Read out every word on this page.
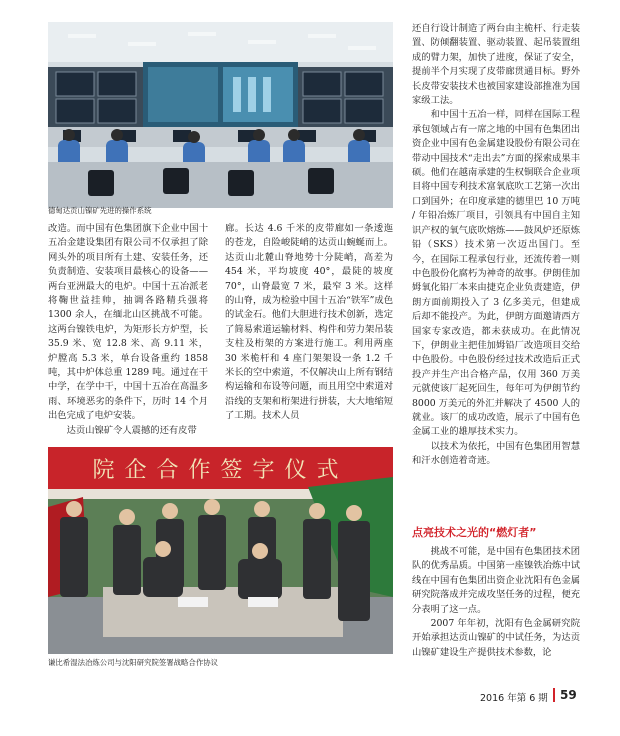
德甸达贡山镍矿先进的操作系统

改造。而中国有色集团旗下企业中国十五冶金建设集团有限公司不仅承担了除网头外的项目所有土建、安装任务，还负责制造、安装项目最核心的设备——两台亚洲最大的电炉。中国十五冶派老将鞠世益挂帅，抽调各路精兵强将 1300 余人，在缅北山区挑战不可能。这两台镍铁电炉，为矩形长方炉型，长 35.9 米、宽 12.8 米、高 9.11 米，炉膛高 5.3 米，单台设备重约 1858 吨，其中炉体总重 1289 吨。通过在干中学，在学中干，中国十五冶在高温多雨、环境恶劣的条件下，历时 14 个月出色完成了电炉安装。

达贡山镍矿令人震撼的还有皮带

廊。长达 4.6 千米的皮带廊如一条逶迤的苍龙，自险峻陡峭的达贡山蜿蜒而上。达贡山北麓山脊地势十分陡峭，高差为 454 米，平均坡度 40°，最陡的坡度 70°，山脊最宽 7 米，最窄 3 米。这样的山脊，成为检验中国十五冶“铁军”成色的试金石。他们大胆进行技术创新，选定了简易索道运输材料、构件和劳力架吊装支柱及桁架的方案进行施工。利用两座 30 米桅杆和 4 座门架架设一条 1.2 千米长的空中索道，不仅解决山上所有钢结构运输和布设等问题，而且用空中索道对沿线的支架和桁架进行拼装，大大地缩短了工期。技术人员

院企合作签字仪式
谦比希湿法冶炼公司与沈阳研究院签署战略合作协议

还自行设计制造了两台由主桅杆、行走装置、防倾翻装置、驱动装置、起吊装置组成的臂力架，加快了进度，保证了安全，提前半个月实现了皮带廊贯通目标。野外长皮带安装技术也被国家建设部推准为国家级工法。

和中国十五冶一样，同样在国际工程承包领域占有一席之地的中国有色集团出资企业中国有色金属建设股份有限公司在带动中国技术“走出去”方面的探索成果丰硕。他们在越南承建的生权铜联合企业项目将中国专利技术富氧底吹工艺第一次出口到国外；在印度承建的德里巴 10 万吨 / 年铅冶炼厂项目，引领具有中国自主知识产权的氧气底吹熔炼——鼓风炉还原炼铅（SKS）技术第一次迈出国门。至今，在国际工程承包行业，还流传着一则中色股份化腐朽为神奇的故事。伊朗佳加姆氧化铅厂本来由捷克企业负责建造，伊朗方面前期投入了 3 亿多美元，但建成后却不能投产。为此，伊朗方面邀请西方国家专家改造，都未获成功。在此情况下，伊朗业主把佳加姆铅厂改造项目交给中色股份。中色股份经过技术改造后正式投产并生产出合格产品，仅用 360 万美元就使该厂起死回生，每年可为伊朗节约 8000 万美元的外汇并解决了 4500 人的就业。该厂的成功改造，展示了中国有色金属工业的雄厚技术实力。

以技术为依托，中国有色集团用智慧和汗水创造着奇迹。

点亮技术之光的“燃灯者”

挑战不可能，是中国有色集团技术团队的优秀品质。中国第一座镍铁冶炼中试线在中国有色集团出资企业沈阳有色金属研究院落成并完成攻坚任务的过程，便充分表明了这一点。

2007 年年初，沈阳有色金属研究院开始承担达贡山镍矿的中试任务，为达贡山镍矿建设生产提供技术参数，论

2016 年第 6 期 59
